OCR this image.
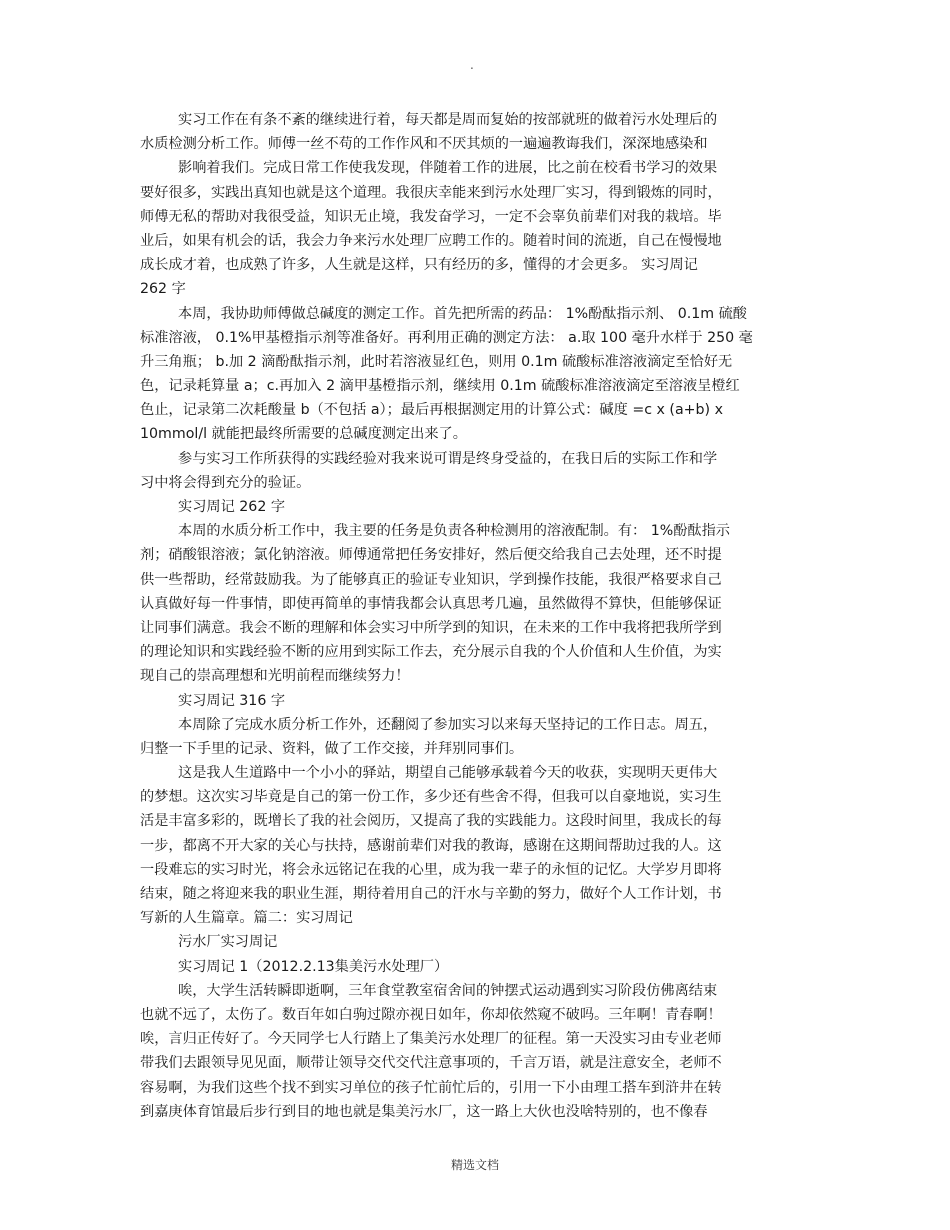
.
实习工作在有条不紊的继续进行着，每天都是周而复始的按部就班的做着污水处理后的
水质检测分析工作。师傅一丝不苟的工作作风和不厌其烦的一遍遍教诲我们，深深地感染和
影响着我们。完成日常工作使我发现，伴随着工作的进展，比之前在校看书学习的效果
要好很多，实践出真知也就是这个道理。我很庆幸能来到污水处理厂实习，得到锻炼的同时，
师傅无私的帮助对我很受益，知识无止境，我发奋学习，一定不会辜负前辈们对我的栽培。毕
业后，如果有机会的话，我会力争来污水处理厂应聘工作的。随着时间的流逝，自己在慢慢地
成长成才着，也成熟了许多，人生就是这样，只有经历的多，懂得的才会更多。 实习周记
262 字
本周，我协助师傅做总碱度的测定工作。首先把所需的药品： 1%酚酞指示剂、 0.1m 硫酸
标准溶液， 0.1%甲基橙指示剂等准备好。再利用正确的测定方法： a.取 100 毫升水样于 250 毫
升三角瓶； b.加 2 滴酚酞指示剂，此时若溶液显红色，则用 0.1m 硫酸标准溶液滴定至恰好无
色，记录耗算量 a；c.再加入 2 滴甲基橙指示剂，继续用 0.1m 硫酸标准溶液滴定至溶液呈橙红
色止，记录第二次耗酸量 b（不包括 a）；最后再根据测定用的计算公式：碱度 =c x (a+b) x
10mmol/l 就能把最终所需要的总碱度测定出来了。
参与实习工作所获得的实践经验对我来说可谓是终身受益的，在我日后的实际工作和学
习中将会得到充分的验证。
实习周记 262 字
本周的水质分析工作中，我主要的任务是负责各种检测用的溶液配制。有： 1%酚酞指示
剂；硝酸银溶液；氯化钠溶液。师傅通常把任务安排好，然后便交给我自己去处理，还不时提
供一些帮助，经常鼓励我。为了能够真正的验证专业知识，学到操作技能，我很严格要求自己
认真做好每一件事情，即使再简单的事情我都会认真思考几遍，虽然做得不算快，但能够保证
让同事们满意。我会不断的理解和体会实习中所学到的知识，在未来的工作中我将把我所学到
的理论知识和实践经验不断的应用到实际工作去，充分展示自我的个人价值和人生价值，为实
现自己的崇高理想和光明前程而继续努力！
实习周记 316 字
本周除了完成水质分析工作外，还翻阅了参加实习以来每天坚持记的工作日志。周五，
归整一下手里的记录、资料，做了工作交接，并拜别同事们。
这是我人生道路中一个小小的驿站，期望自己能够承载着今天的收获，实现明天更伟大
的梦想。这次实习毕竟是自己的第一份工作，多少还有些舍不得，但我可以自豪地说，实习生
活是丰富多彩的，既增长了我的社会阅历，又提高了我的实践能力。这段时间里，我成长的每
一步，都离不开大家的关心与扶持，感谢前辈们对我的教诲，感谢在这期间帮助过我的人。这
一段难忘的实习时光，将会永远铭记在我的心里，成为我一辈子的永恒的记忆。大学岁月即将
结束，随之将迎来我的职业生涯，期待着用自己的汗水与辛勤的努力，做好个人工作计划，书
写新的人生篇章。篇二：实习周记
污水厂实习周记
实习周记 1（2012.2.13集美污水处理厂）
唉，大学生活转瞬即逝啊，三年食堂教室宿舍间的钟摆式运动遇到实习阶段仿佛离结束
也就不远了，太伤了。数百年如白驹过隙亦视日如年，你却依然窥不破吗。三年啊！青春啊！
唉，言归正传好了。今天同学七人行踏上了集美污水处理厂的征程。第一天没实习由专业老师
带我们去跟领导见见面，顺带让领导交代交代注意事项的，千言万语，就是注意安全，老师不
容易啊，为我们这些个找不到实习单位的孩子忙前忙后的，引用一下小由理工搭车到浒井在转
到嘉庚体育馆最后步行到目的地也就是集美污水厂，这一路上大伙也没啥特别的，也不像春
精选文档
